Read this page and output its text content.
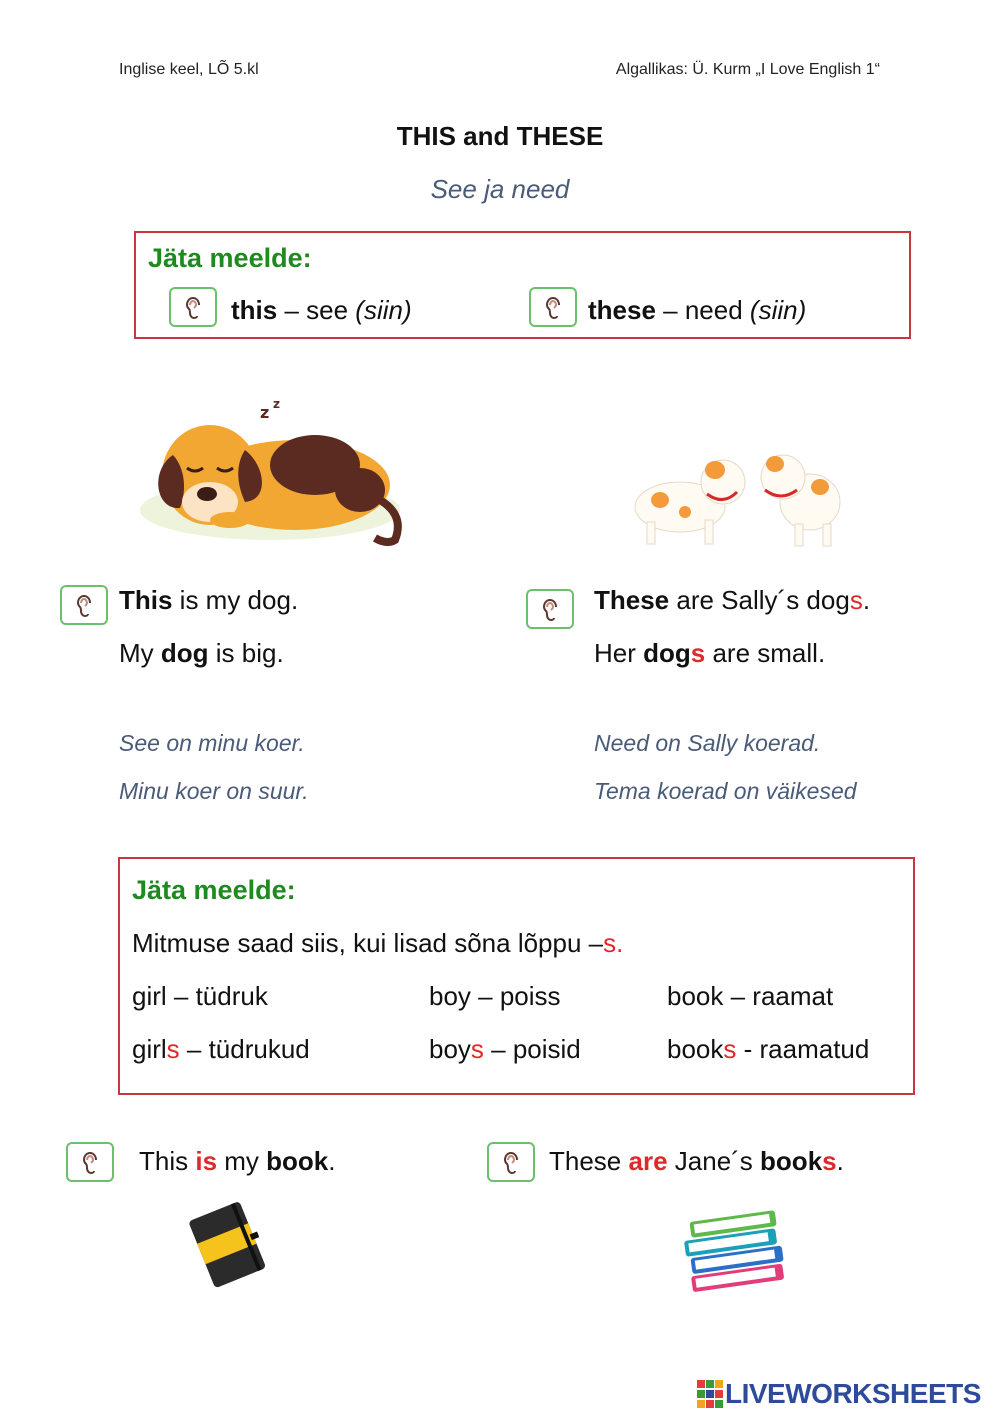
Inglise keel, LÕ 5.kl	Algallikas: Ü. Kurm „I Love English 1“
THIS and THESE
See ja need
Jäta meelde:
this – see (siin)	these – need (siin)
z z
This is my dog.
My dog is big.
See on minu koer.
Minu koer on suur.
These are Sally´s dogs.
Her dogs are small.
Need on Sally koerad.
Tema koerad on väikesed
Jäta meelde:
Mitmuse saad siis, kui lisad sõna lõppu –s.
girl – tüdruk	boy – poiss	book – raamat
girls – tüdrukud	boys – poisid	books - raamatud
This is my book.	These are Jane´s books.
LIVEWORKSHEETS
